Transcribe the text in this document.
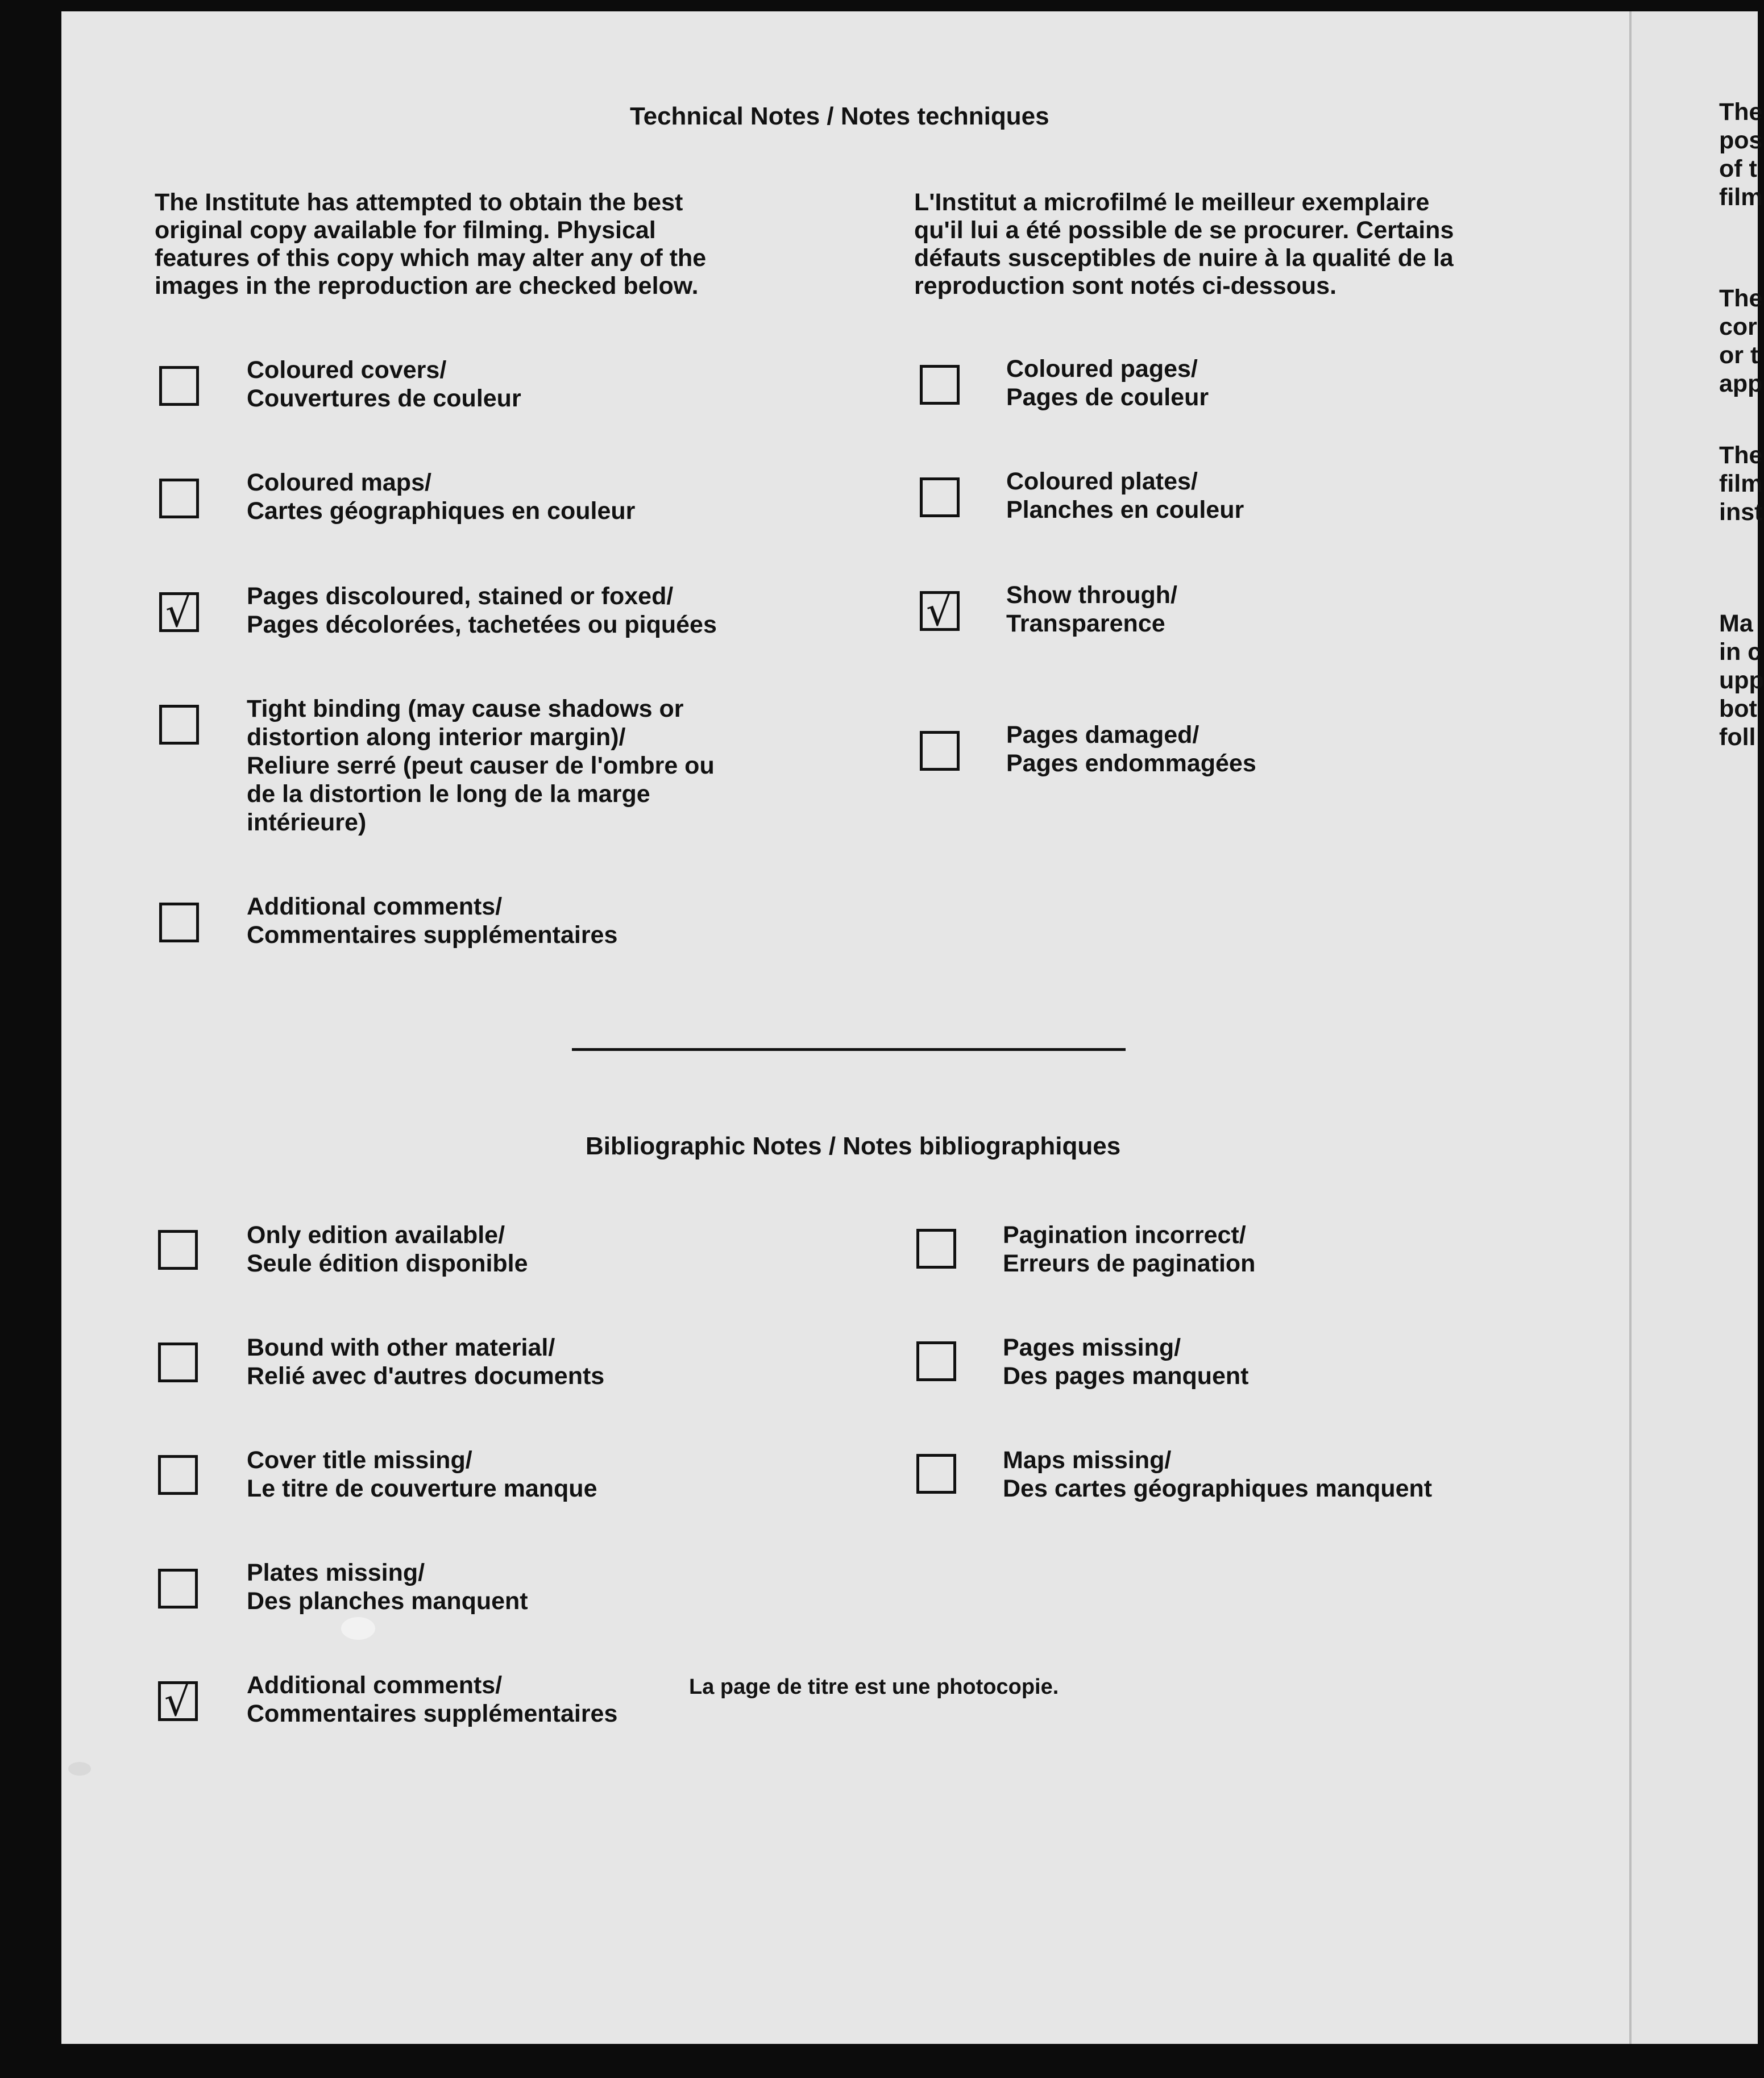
Technical Notes / Notes techniques
The Institute has attempted to obtain the best
original copy available for filming. Physical
features of this copy which may alter any of the
images in the reproduction are checked below.
L'Institut a microfilmé le meilleur exemplaire
qu'il lui a été possible de se procurer. Certains
défauts susceptibles de nuire à la qualité de la
reproduction sont notés ci-dessous.
Coloured covers/
Couvertures de couleur
Coloured maps/
Cartes géographiques en couleur
√ Pages discoloured, stained or foxed/
Pages décolorées, tachetées ou piquées
Tight binding (may cause shadows or
distortion along interior margin)/
Reliure serré (peut causer de l'ombre ou
de la distortion le long de la marge
intérieure)
Additional comments/
Commentaires supplémentaires
Coloured pages/
Pages de couleur
Coloured plates/
Planches en couleur
√ Show through/
Transparence
Pages damaged/
Pages endommagées
Bibliographic Notes / Notes bibliographiques
Only edition available/
Seule édition disponible
Bound with other material/
Relié avec d'autres documents
Cover title missing/
Le titre de couverture manque
Plates missing/
Des planches manquent
√ Additional comments/
Commentaires supplémentaires
La page de titre est une photocopie.
Pagination incorrect/
Erreurs de pagination
Pages missing/
Des pages manquent
Maps missing/
Des cartes géographiques manquent
The
pos
of t
film
The
cor
or t
app
The
film
inst
Ma
in c
upp
bot
foll
